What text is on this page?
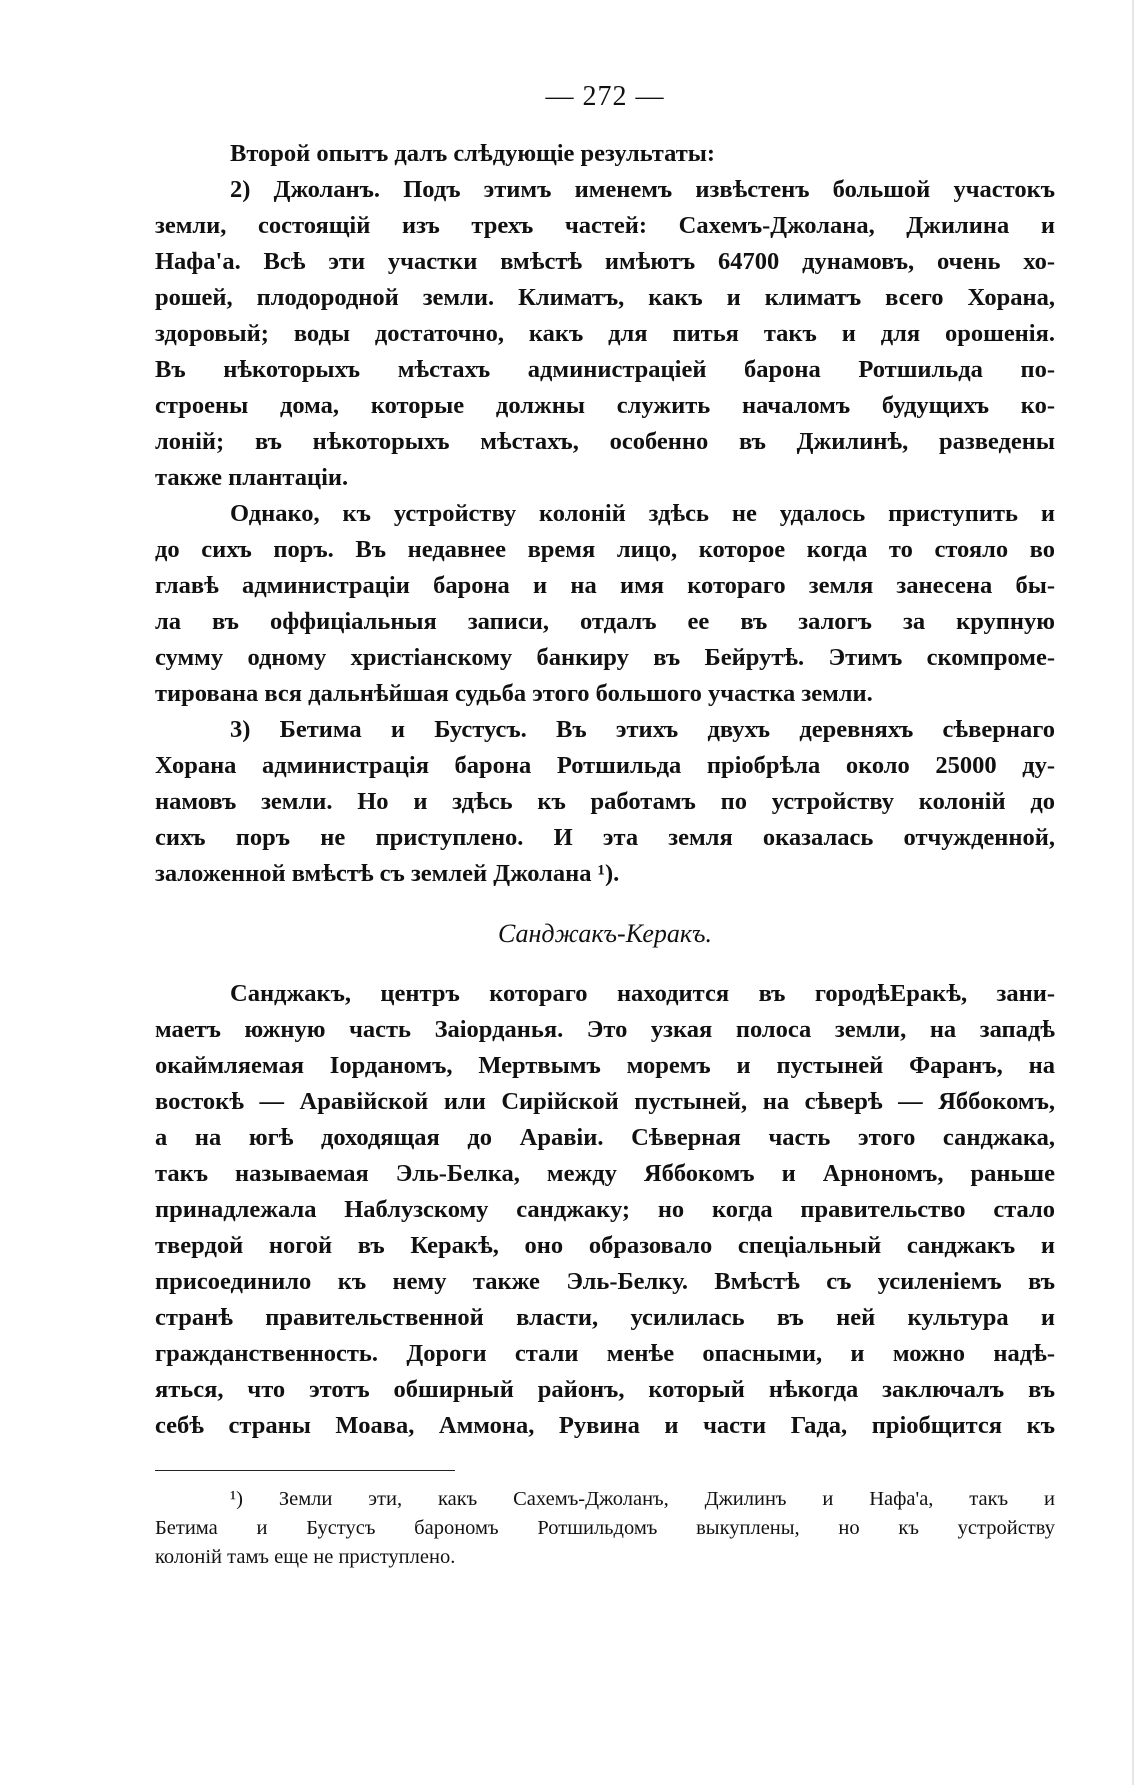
— 272 —
Второй опытъ далъ слѣдующіе результаты:
2) Джоланъ. Подъ этимъ именемъ извѣстенъ большой участокъ
земли, состоящій изъ трехъ частей: Сахемъ-Джолана, Джилина и
Нафа'а. Всѣ эти участки вмѣстѣ имѣютъ 64700 дунамовъ, очень хо-
рошей, плодородной земли. Климатъ, какъ и климатъ всего Хорана,
здоровый; воды достаточно, какъ для питья такъ и для орошенія.
Въ нѣкоторыхъ мѣстахъ администраціей барона Ротшильда по-
строены дома, которые должны служить началомъ будущихъ ко-
лоній; въ нѣкоторыхъ мѣстахъ, особенно въ Джилинѣ, разведены
также плантаціи.
Однако, къ устройству колоній здѣсь не удалось приступить и
до сихъ поръ. Въ недавнее время лицо, которое когда то стояло во
главѣ администраціи барона и на имя котораго земля занесена бы-
ла въ оффиціальныя записи, отдалъ ее въ залогъ за крупную
сумму одному христіанскому банкиру въ Бейрутѣ. Этимъ скомпроме-
тирована вся дальнѣйшая судьба этого большого участка земли.
3) Бетима и Бустусъ. Въ этихъ двухъ деревняхъ сѣвернаго
Хорана администрація барона Ротшильда пріобрѣла около 25000 ду-
намовъ земли. Но и здѣсь къ работамъ по устройству колоній до
сихъ поръ не приступлено. И эта земля оказалась отчужденной,
заложенной вмѣстѣ съ землей Джолана ¹).
Санджакъ-Керакъ.
Санджакъ, центръ котораго находится въ городѣЕракѣ, зани-
маетъ южную часть Заіорданья. Это узкая полоса земли, на западѣ
окаймляемая Іорданомъ, Мертвымъ моремъ и пустыней Фаранъ, на
востокѣ — Аравійской или Сирійской пустыней, на сѣверѣ — Яббокомъ,
а на югѣ доходящая до Аравіи. Сѣверная часть этого санджака,
такъ называемая Эль-Белка, между Яббокомъ и Арнономъ, раньше
принадлежала Наблузскому санджаку; но когда правительство стало
твердой ногой въ Керакѣ, оно образовало спеціальный санджакъ и
присоединило къ нему также Эль-Белку. Вмѣстѣ съ усиленіемъ въ
странѣ правительственной власти, усилилась въ ней культура и
гражданственность. Дороги стали менѣе опасными, и можно надѣ-
яться, что этотъ обширный районъ, который нѣкогда заключалъ въ
себѣ страны Моава, Аммона, Рувина и части Гада, пріобщится къ
¹) Земли эти, какъ Сахемъ-Джоланъ, Джилинъ и Нафа'а, такъ и
Бетима и Бустусъ барономъ Ротшильдомъ выкуплены, но къ устройству
колоній тамъ еще не приступлено.
